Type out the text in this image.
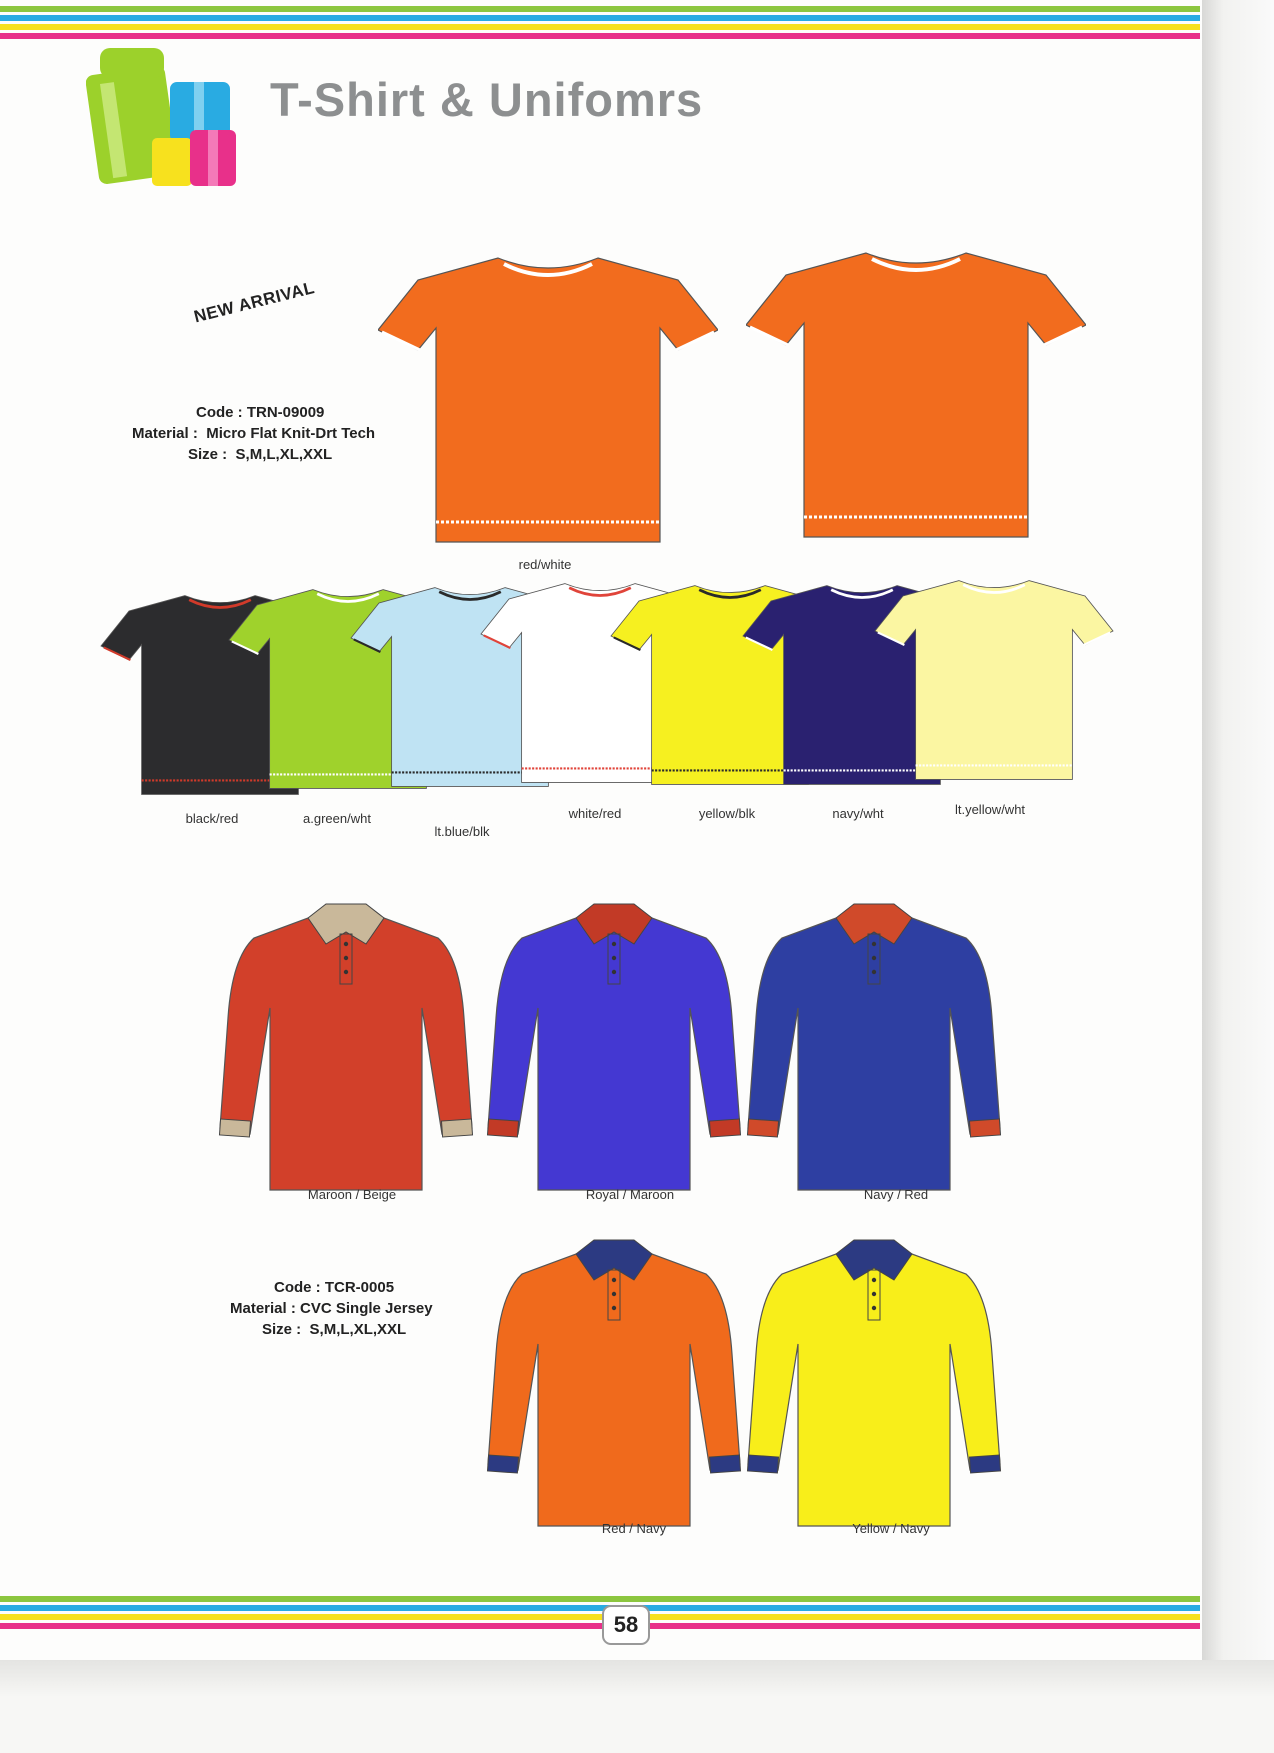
T-Shirt & Unifomrs
NEW ARRIVAL
Code :
TRN-09009
Material :
Micro Flat Knit-Drt Tech
Size :
S,M,L,XL,XXL
red/white
black/red	a.green/wht
lt.blue/blk
white/red	yellow/blk	navy/wht	lt.yellow/wht
Maroon / Beige	Royal / Maroon	Navy / Red
Code :
TCR-0005
Material :
CVC Single Jersey
Size :
S,M,L,XL,XXL
Red / Navy	Yellow / Navy
58
